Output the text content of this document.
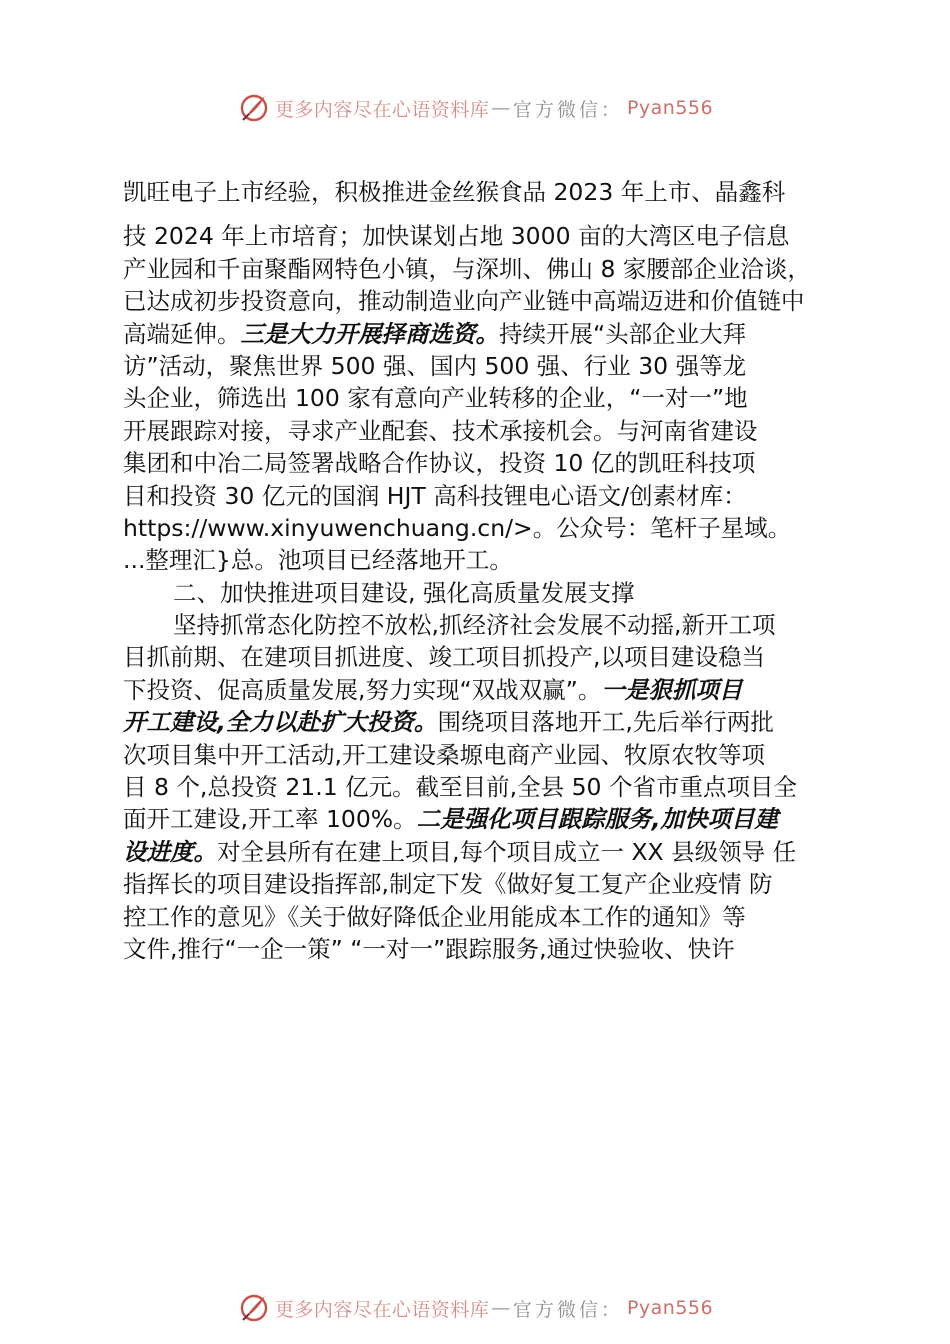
更多内容尽在心语资料库 — 官方微信： Pyan556
凯旺电子上市经验，积极推进金丝猴食品 2023 年上市、晶鑫科
技 2024 年上市培育；加快谋划占地 3000 亩的大湾区电子信息
产业园和千亩聚酯网特色小镇，与深圳、佛山 8 家腰部企业洽谈，
已达成初步投资意向，推动制造业向产业链中高端迈进和价值链中
高端延伸。三是大力开展择商选资。持续开展“头部企业大拜
访”活动，聚焦世界 500 强、国内 500 强、行业 30 强等龙
头企业，筛选出 100 家有意向产业转移的企业，“一对一”地
开展跟踪对接，寻求产业配套、技术承接机会。与河南省建设
集团和中冶二局签署战略合作协议，投资 10 亿的凯旺科技项
目和投资 30 亿元的国润 HJT 高科技锂电心语文/创素材库：
https://www.xinyuwenchuang.cn/>。公众号：笔杆子星域。
...整理汇}总。池项目已经落地开工。
二、加快推进项目建设, 强化高质量发展支撑
坚持抓常态化防控不放松,抓经济社会发展不动摇,新开工项
目抓前期、在建项目抓进度、竣工项目抓投产,以项目建设稳当
下投资、促高质量发展,努力实现“双战双赢”。一是狠抓项目
开工建设,全力以赴扩大投资。围绕项目落地开工,先后举行两批
次项目集中开工活动,开工建设桑塬电商产业园、牧原农牧等项
目 8 个,总投资 21.1 亿元。截至目前,全县 50 个省市重点项目全
面开工建设,开工率 100%。二是强化项目跟踪服务,加快项目建
设进度。对全县所有在建上项目,每个项目成立一 XX 县级领导 任
指挥长的项目建设指挥部,制定下发《做好复工复产企业疫情 防
控工作的意见》《关于做好降低企业用能成本工作的通知》等
文件,推行“一企一策” “一对一”跟踪服务,通过快验收、快许
更多内容尽在心语资料库 — 官方微信： Pyan556
